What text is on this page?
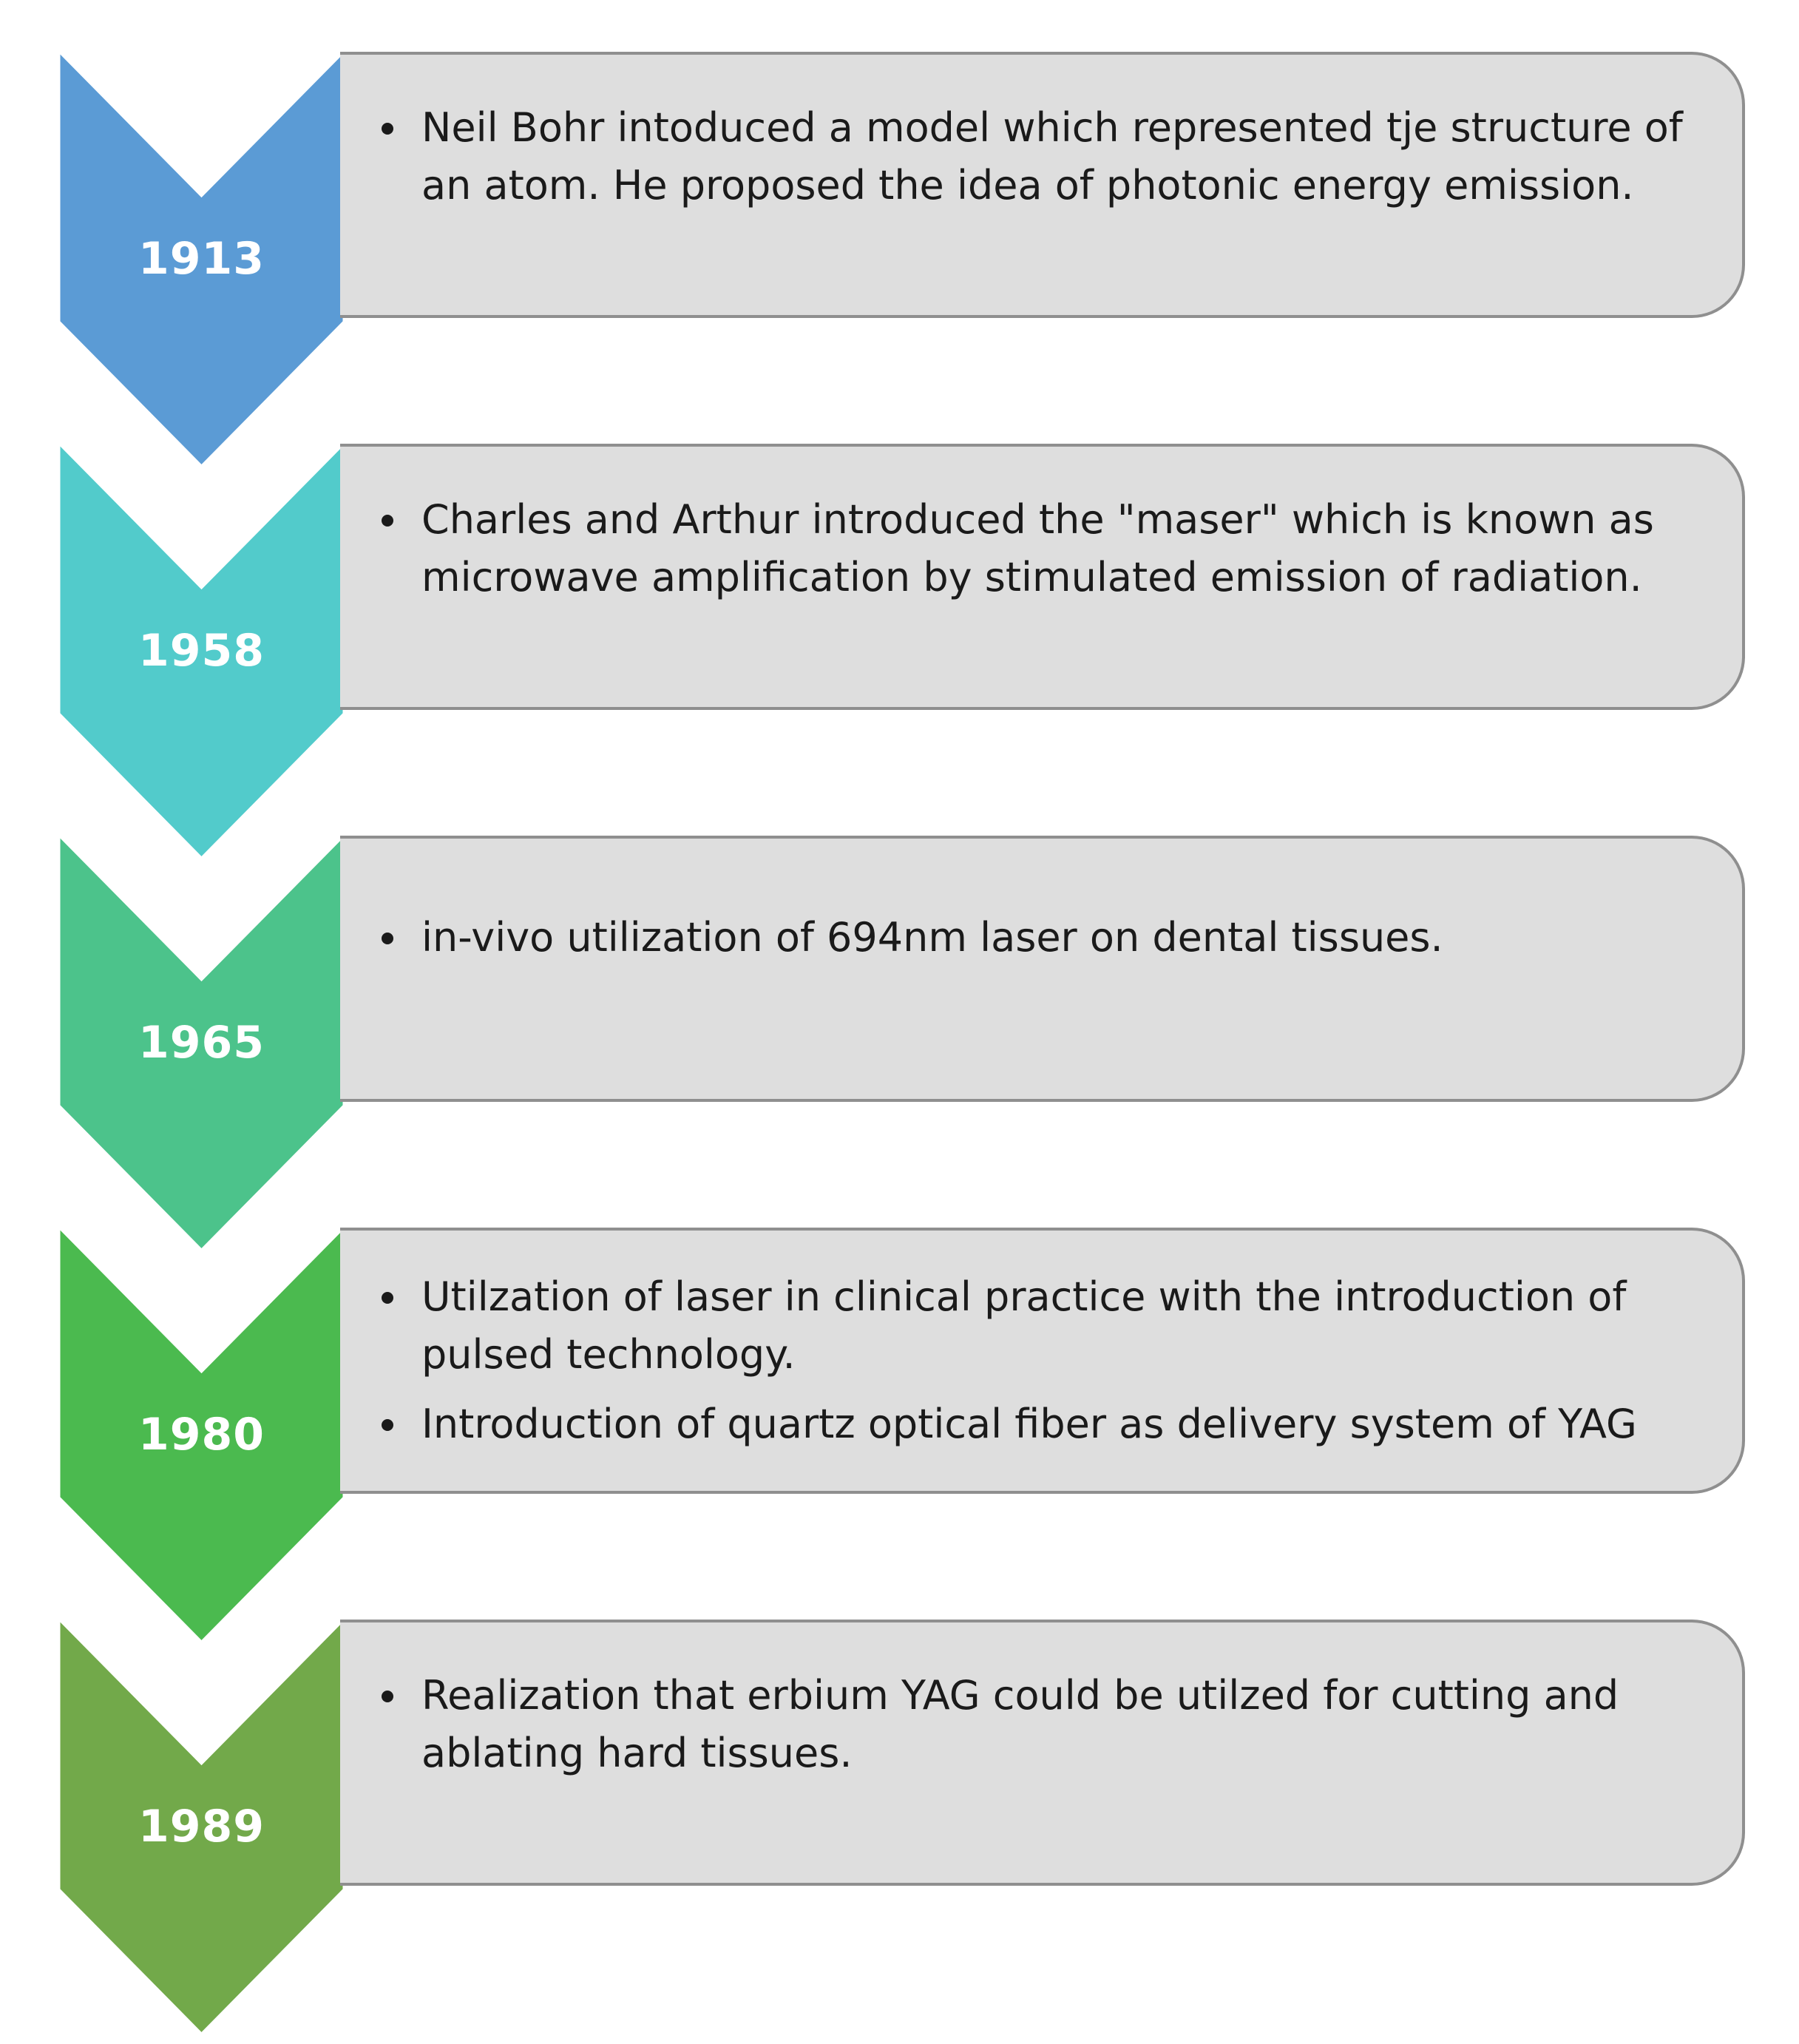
1913
Neil Bohr intoduced a model which represented tje structure of an atom. He proposed the idea of photonic energy emission.
1958
Charles and Arthur introduced the "maser" which is known as microwave amplification by stimulated emission of radiation.
1965
in-vivo utilization of 694nm laser on dental tissues.
1980
Utilzation of laser in clinical practice with the introduction of pulsed technology.
Introduction of quartz optical fiber as delivery system of YAG
1989
Realization that erbium YAG could be utilzed for cutting and ablating hard tissues.
